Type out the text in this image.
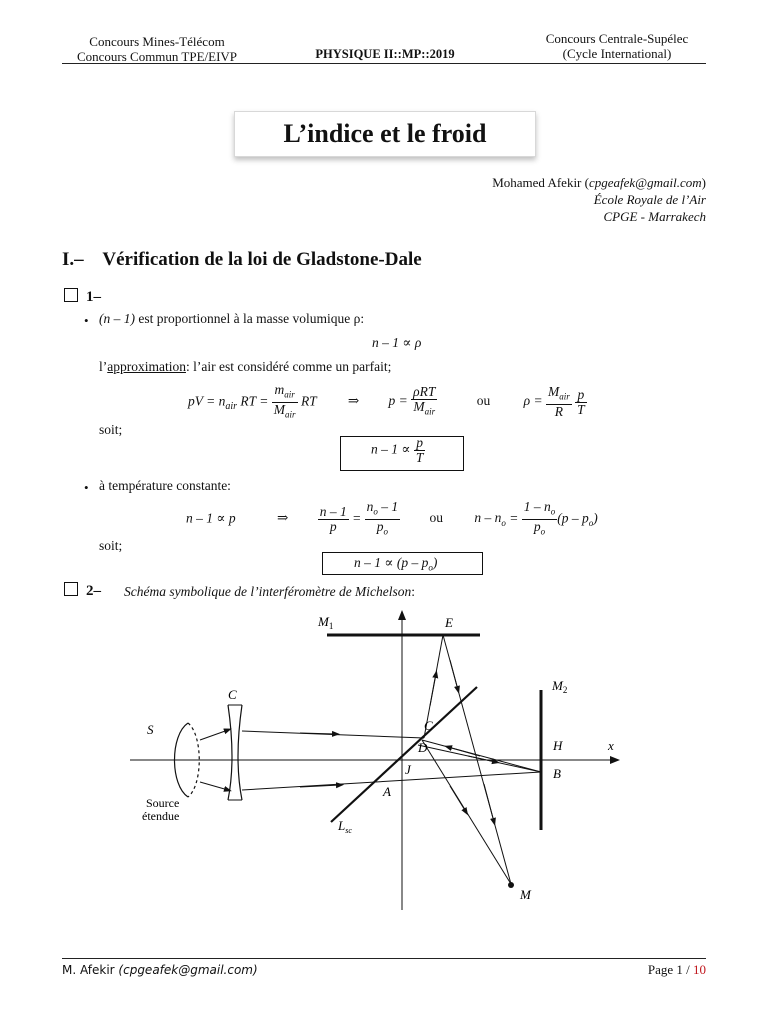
Concours Mines-Télécom
Concours Commun TPE/EIVP	PHYSIQUE II::MP::2019
Concours Centrale-Supélec
(Cycle International)
L’indice et le froid
Mohamed Afekir (cpgeafek@gmail.com)
École Royale de l’Air
CPGE - Marrakech
I.– Vérification de la loi de Gladstone-Dale
1–
• (n – 1) est proportionnel à la masse volumique ρ:
n – 1 ∝ ρ
l’approximation: l’air est considéré comme un parfait;
pV = $n_{air}$ RT = $\frac{m_{air}}{M_{air}}$ RT ⇒ $p = \frac{\text{ρRT}}{M_{air}}$	ou $\rho = \frac{M_{air}}{R}$
$\frac{p}{T}$
soit;
$n - 1 \propto \frac{p}{T}$
• à température constante:
n – 1 ∝ p	⇒ $\frac{n - 1}{p} = \frac{n_o - 1}{p_o}$ ou $n - n_o = \frac{1 - n_o}{p_o} (p - p_o)$
soit;
$n - 1 \propto (p - p_o)$
2– Schéma symbolique de l’interféromètre de Michelson:
$M_1$	E
$M_2$
C
S	C
D
J
A
H
B
x
$L_{sc}$
M
Source
étendue
M. Afekir (cpgeafek@gmail.com)	Page 1 / 10
